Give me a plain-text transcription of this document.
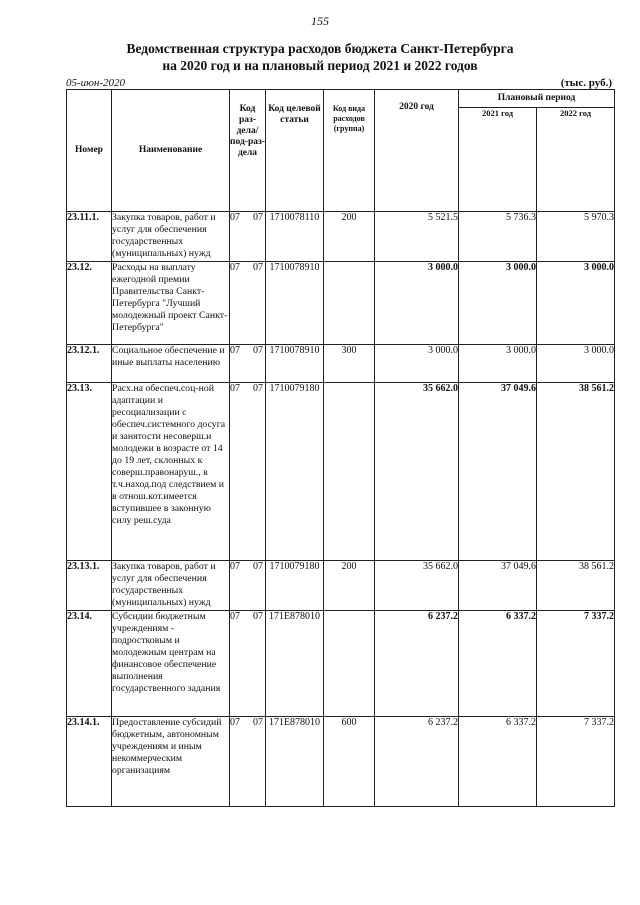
155
Ведомственная структура расходов бюджета Санкт-Петербурга
на 2020 год и на плановый период 2021 и 2022 годов
05-июн-2020	(тыс. руб.)
Номер	Наименование	Код раз-дела/ под-раз-дела	Код целевой статьи	Код вида расходов (группа)	2020 год	Плановый период	
						2021 год	2022 год
23.11.1.	Закупка товаров, работ и услуг для обеспечения государственных (муниципальных) нужд	07 07	1710078110	200	5 521.5	5 736.3	5 970.3
23.12.	Расходы на выплату ежегодной премии Правительства Санкт-Петербурга "Лучший молодежный проект Санкт-Петербурга"	07 07	1710078910		3 000.0	3 000.0	3 000.0
23.12.1.	Социальное обеспечение и иные выплаты населению	07 07	1710078910	300	3 000.0	3 000.0	3 000.0
23.13.	Расх.на обеспеч.соц-ной адаптации и ресоциализации с обеспеч.системного досуга и занятости несоверш.и молодежи в возрасте от 14 до 19 лет, склонных к соверш.правонаруш., в т.ч.наход.под следствием и в отнош.кот.имеется вступившее в законную силу реш.суда	07 07	1710079180		35 662.0	37 049.6	38 561.2
23.13.1.	Закупка товаров, работ и услуг для обеспечения государственных (муниципальных) нужд	07 07	1710079180	200	35 662.0	37 049.6	38 561.2
23.14.	Субсидии бюджетным учреждениям - подростковым и молодежным центрам на финансовое обеспечение выполнения государственного задания	07 07	171E878010		6 237.2	6 337.2	7 337.2
23.14.1.	Предоставление субсидий бюджетным, автономным учреждениям и иным некоммерческим организациям	07 07	171E878010	600	6 237.2	6 337.2	7 337.2
